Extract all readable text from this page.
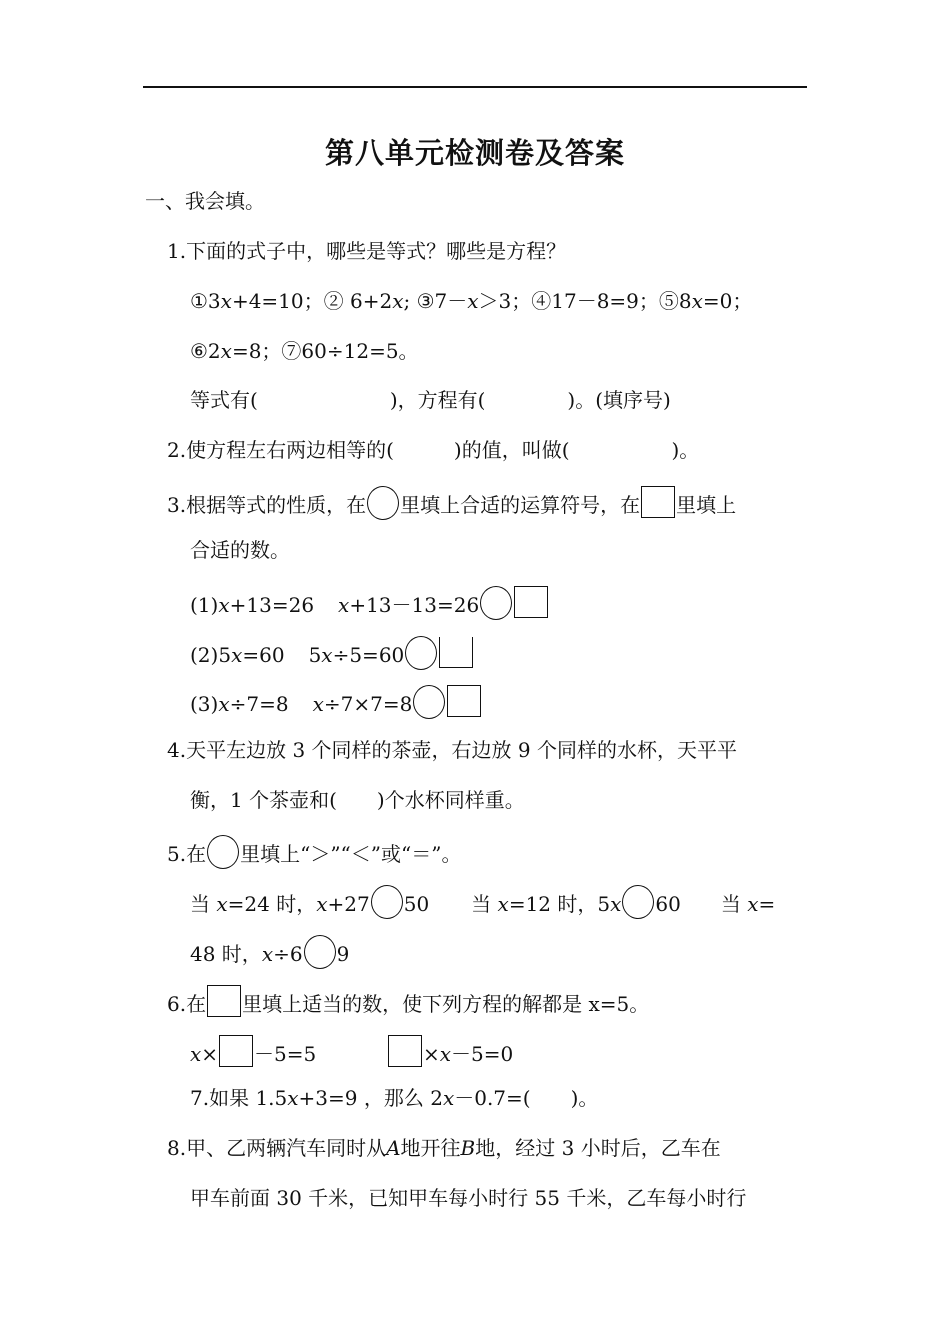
第八单元检测卷及答案
一、我会填。
1.下面的式子中，哪些是等式？哪些是方程？
①3x+4=10；② 6+2x; ③7－x＞3；④17－8=9；⑤8x=0；
⑥2x=8；⑦60÷12=5。
等式有(	)，方程有(	)。(填序号)
2.使方程左右两边相等的(	)的值，叫做(	)。
3.根据等式的性质，在 里填上合适的运算符号，在 里填上
合适的数。
(1)x+13=26 x+13－13=26
(2)5x=60 5x÷5=60
(3)x÷7=8 x÷7×7=8
4.天平左边放 3 个同样的茶壶，右边放 9 个同样的水杯，天平平
衡，1 个茶壶和( )个水杯同样重。
5.在 里填上“＞”“＜”或“＝”。
当 x=24 时，x+27 50 当 x=12 时，5x 60 当 x=
48 时，x÷6 9
6.在 里填上适当的数，使下列方程的解都是 x=5。
x× －5=5	×x－5=0
7.如果 1.5x+3=9 ，那么 2x－0.7=( )。
8.甲、乙两辆汽车同时从A地开往B地，经过 3 小时后，乙车在
甲车前面 30 千米，已知甲车每小时行 55 千米，乙车每小时行
